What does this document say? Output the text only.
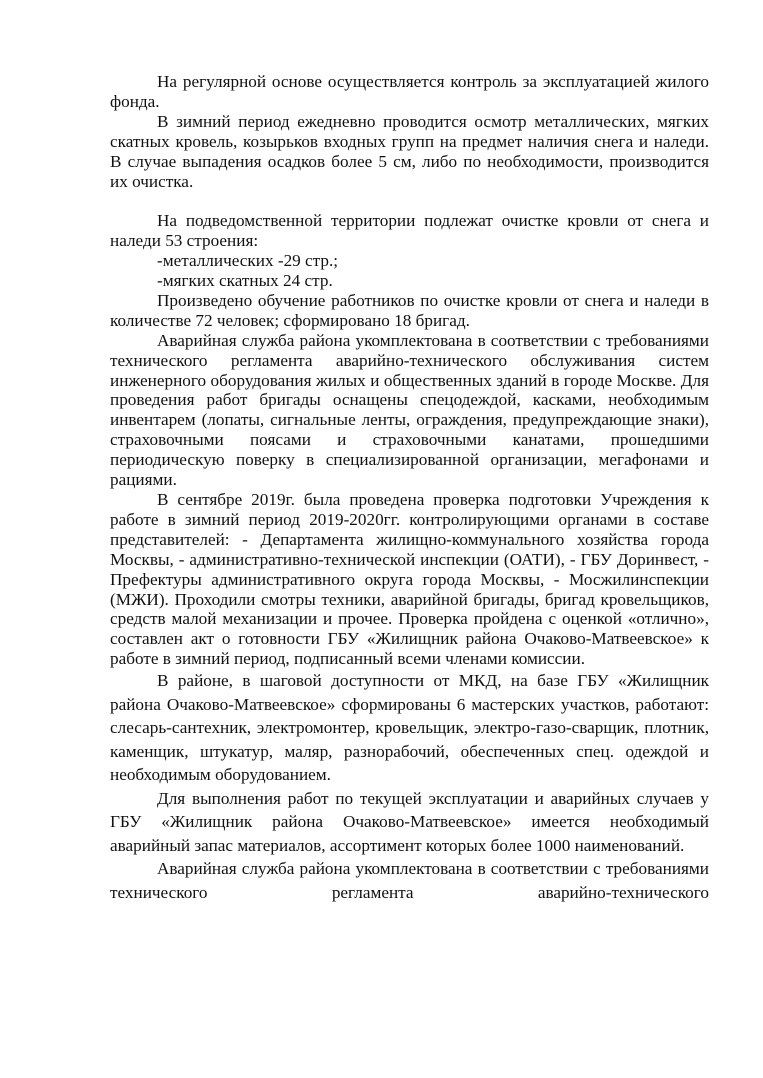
На регулярной основе осуществляется контроль за эксплуатацией жилого фонда.

В зимний период ежедневно проводится осмотр металлических, мягких скатных кровель, козырьков входных групп на предмет наличия снега и наледи. В случае выпадения осадков более 5 см, либо по необходимости, производится их очистка.

На подведомственной территории подлежат очистке кровли от снега и наледи 53 строения:

-металлических -29 стр.;

-мягких скатных 24 стр.

Произведено обучение работников по очистке кровли от снега и наледи в количестве 72 человек; сформировано 18 бригад.

Аварийная служба района укомплектована в соответствии с требованиями технического регламента аварийно-технического обслуживания систем инженерного оборудования жилых и общественных зданий в городе Москве. Для проведения работ бригады оснащены спецодеждой, касками, необходимым инвентарем (лопаты, сигнальные ленты, ограждения, предупреждающие знаки), страховочными поясами и страховочными канатами, прошедшими периодическую поверку в специализированной организации, мегафонами и рациями.

В сентябре 2019г. была проведена проверка подготовки Учреждения к работе в зимний период 2019-2020гг. контролирующими органами в составе представителей: - Департамента жилищно-коммунального хозяйства города Москвы, - административно-технической инспекции (ОАТИ), - ГБУ Доринвест, - Префектуры административного округа города Москвы, - Мосжилинспекции (МЖИ). Проходили смотры техники, аварийной бригады, бригад кровельщиков, средств малой механизации и прочее. Проверка пройдена с оценкой «отлично», составлен акт о готовности ГБУ «Жилищник района Очаково-Матвеевское» к работе в зимний период, подписанный всеми членами комиссии.

В районе, в шаговой доступности от МКД, на базе ГБУ «Жилищник района Очаково-Матвеевское» сформированы 6 мастерских участков, работают: слесарь-сантехник, электромонтер, кровельщик, электро-газо-сварщик, плотник, каменщик, штукатур, маляр, разнорабочий, обеспеченных спец. одеждой и необходимым оборудованием.

Для выполнения работ по текущей эксплуатации и аварийных случаев у ГБУ «Жилищник района Очаково-Матвеевское» имеется необходимый аварийный запас материалов, ассортимент которых более 1000 наименований.

Аварийная служба района укомплектована в соответствии с требованиями технического регламента аварийно-технического
